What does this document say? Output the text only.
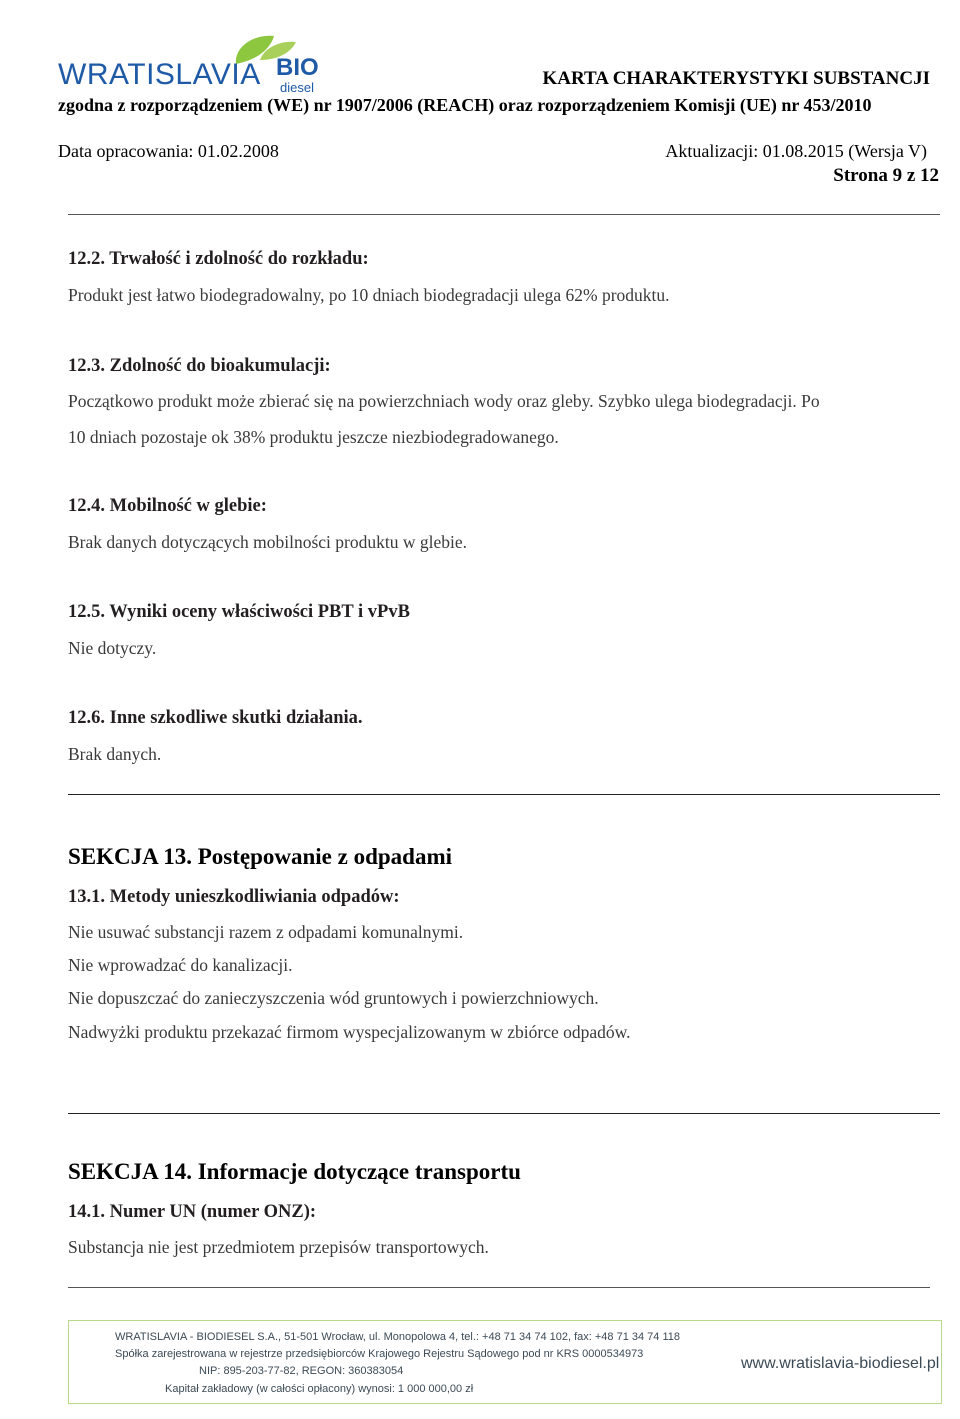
WRATISLAVIA BIO
diesel	KARTA CHARAKTERYSTYKI SUBSTANCJI
zgodna z rozporządzeniem (WE) nr 1907/2006 (REACH) oraz rozporządzeniem Komisji (UE) nr 453/2010
Data opracowania: 01.02.2008	Aktualizacji: 01.08.2015 (Wersja V)
Strona 9 z 12
12.2. Trwałość i zdolność do rozkładu:
Produkt jest łatwo biodegradowalny, po 10 dniach biodegradacji ulega 62% produktu.
12.3. Zdolność do bioakumulacji:
Początkowo produkt może zbierać się na powierzchniach wody oraz gleby. Szybko ulega biodegradacji. Po
10 dniach pozostaje ok 38% produktu jeszcze niezbiodegradowanego.
12.4. Mobilność w glebie:
Brak danych dotyczących mobilności produktu w glebie.
12.5. Wyniki oceny właściwości PBT i vPvB
Nie dotyczy.
12.6. Inne szkodliwe skutki działania.
Brak danych.
SEKCJA 13. Postępowanie z odpadami
13.1. Metody unieszkodliwiania odpadów:
Nie usuwać substancji razem z odpadami komunalnymi.
Nie wprowadzać do kanalizacji.
Nie dopuszczać do zanieczyszczenia wód gruntowych i powierzchniowych.
Nadwyżki produktu przekazać firmom wyspecjalizowanym w zbiórce odpadów.
SEKCJA 14. Informacje dotyczące transportu
14.1. Numer UN (numer ONZ):
Substancja nie jest przedmiotem przepisów transportowych.
WRATISLAVIA - BIODIESEL S.A., 51-501 Wrocław, ul. Monopolowa 4, tel.: +48 71 34 74 102, fax: +48 71 34 74 118
Spółka zarejestrowana w rejestrze przedsiębiorców Krajowego Rejestru Sądowego pod nr KRS 0000534973
NIP: 895-203-77-82, REGON: 360383054
Kapitał zakładowy (w całości opłacony) wynosi: 1 000 000,00 zł
www.wratislavia-biodiesel.pl
